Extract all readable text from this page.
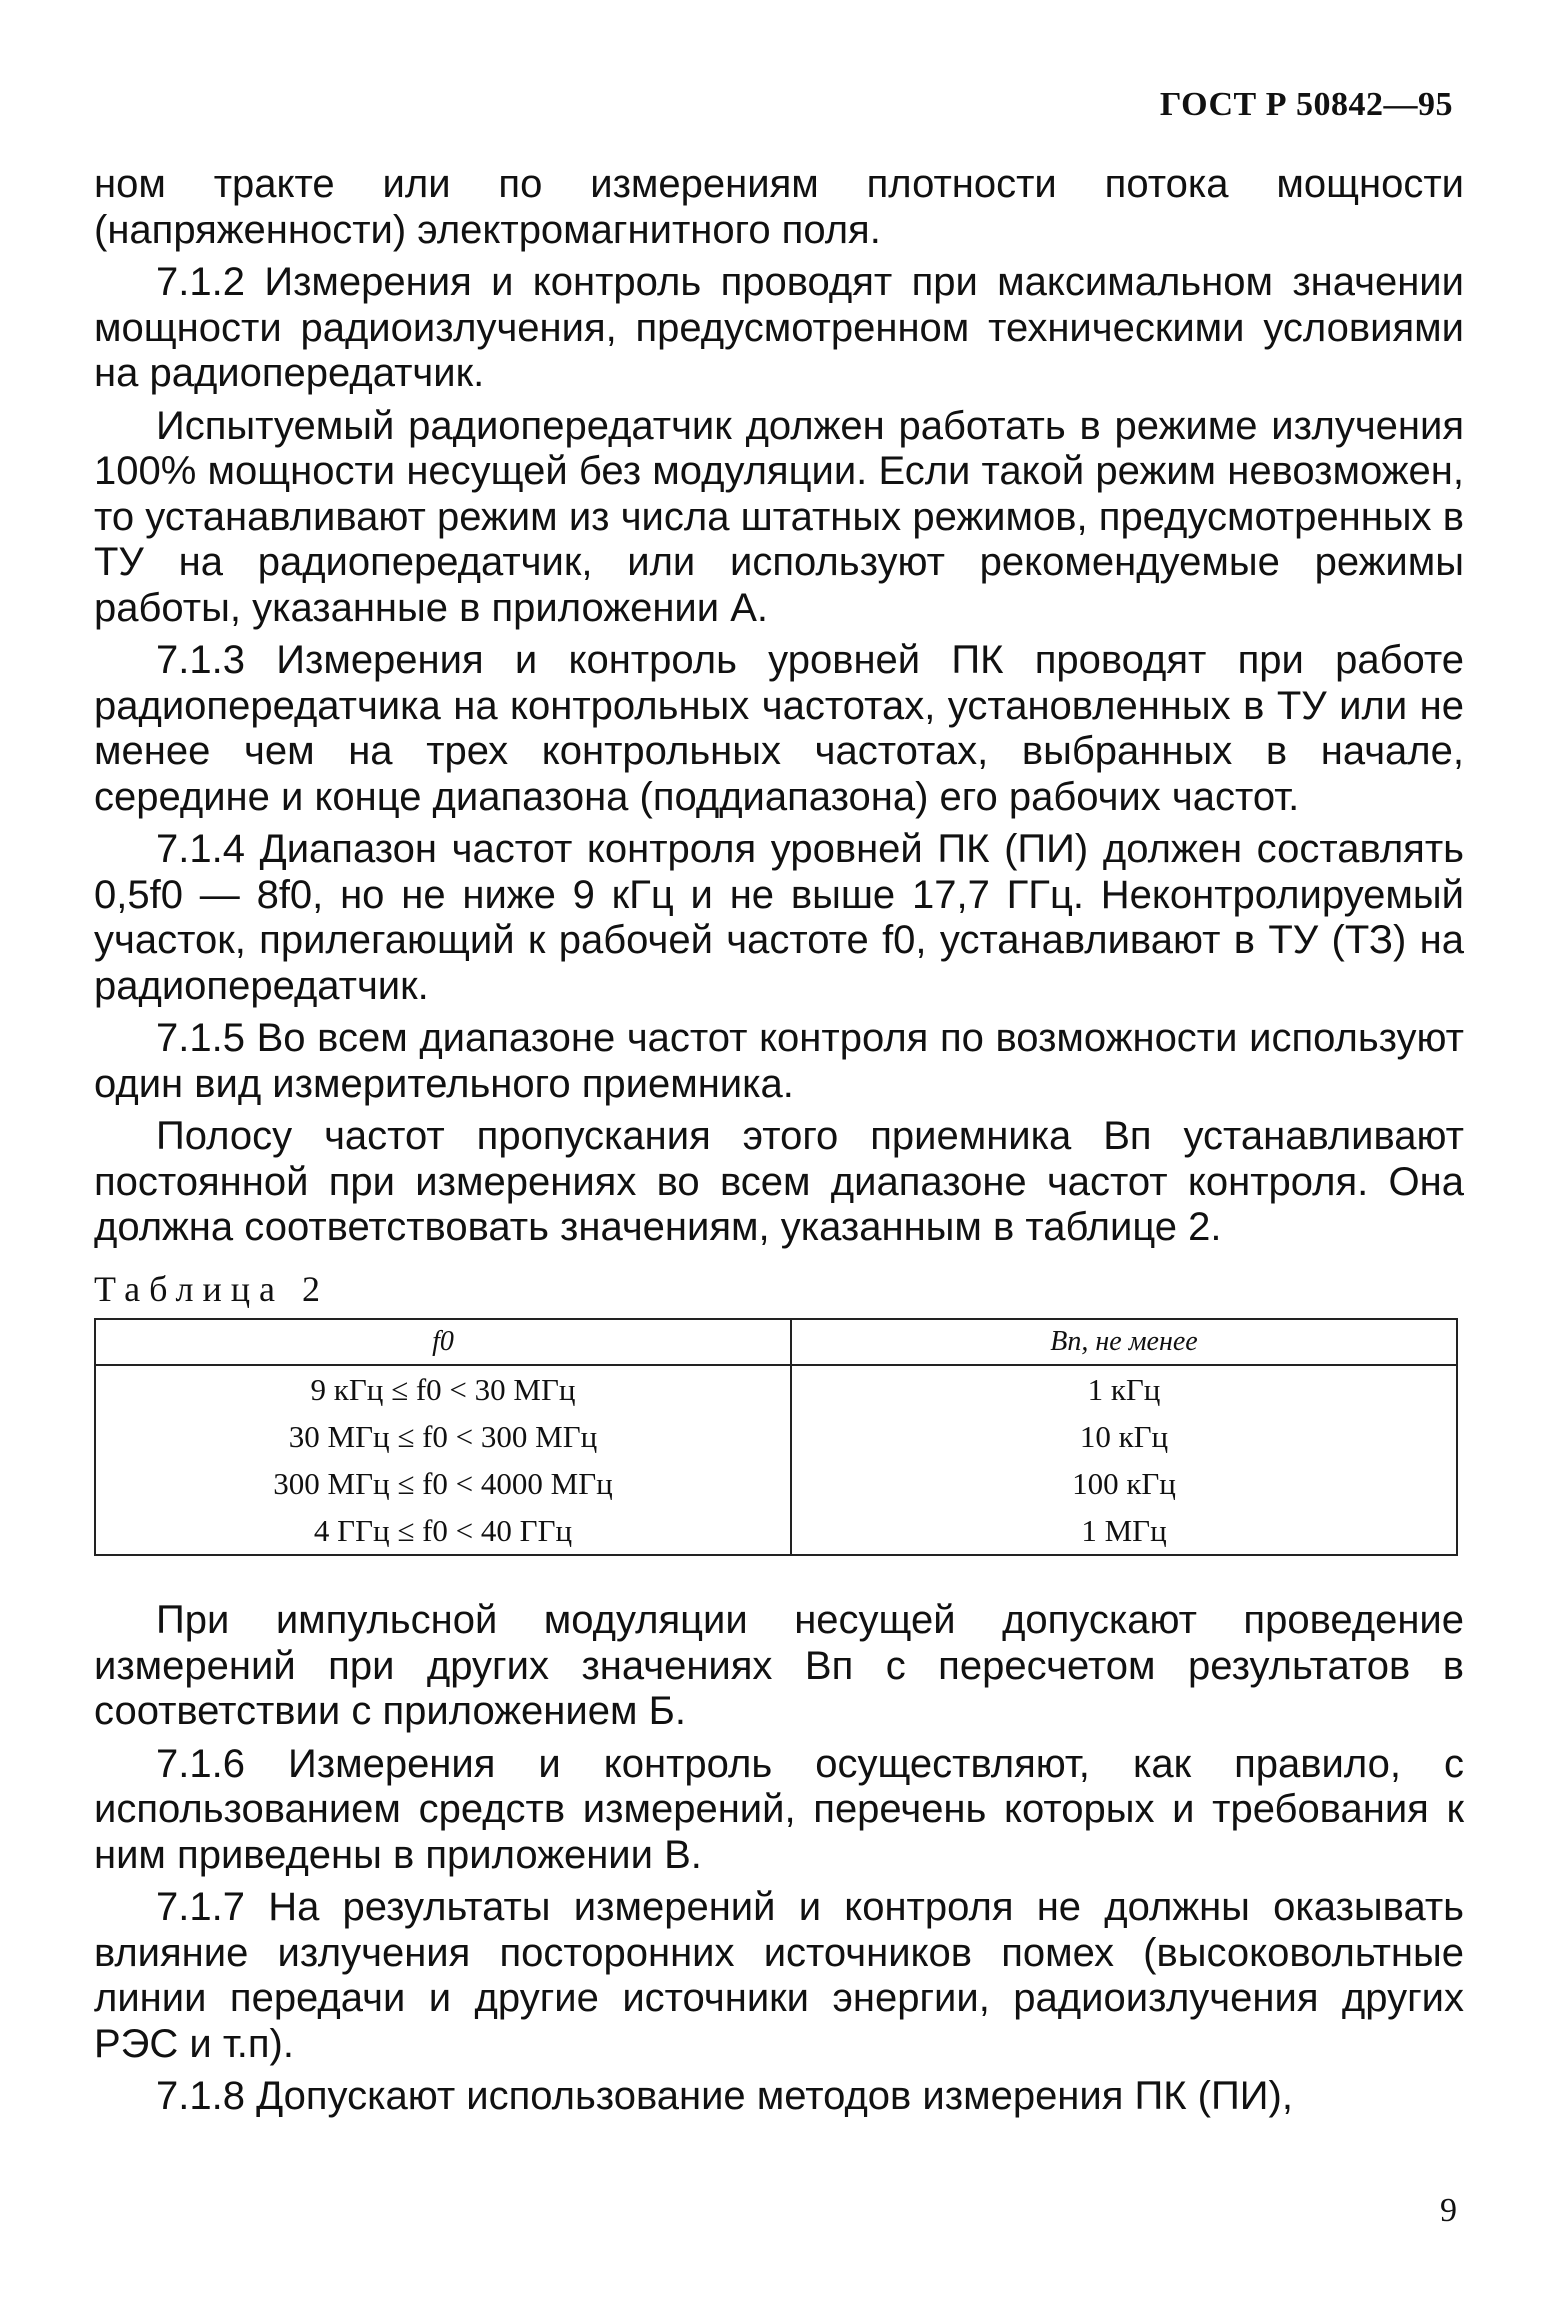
ГОСТ Р 50842—95

ном тракте или по измерениям плотности потока мощности (напряженности) электромагнитного поля.

7.1.2 Измерения и контроль проводят при максимальном значении мощности радиоизлучения, предусмотренном техническими условиями на радиопередатчик.

Испытуемый радиопередатчик должен работать в режиме излучения 100% мощности несущей без модуляции. Если такой режим невозможен, то устанавливают режим из числа штатных режимов, предусмотренных в ТУ на радиопередатчик, или используют рекомендуемые режимы работы, указанные в приложении А.

7.1.3 Измерения и контроль уровней ПК проводят при работе радиопередатчика на контрольных частотах, установленных в ТУ или не менее чем на трех контрольных частотах, выбранных в начале, середине и конце диапазона (поддиапазона) его рабочих частот.

7.1.4 Диапазон частот контроля уровней ПК (ПИ) должен составлять 0,5f0 — 8f0, но не ниже 9 кГц и не выше 17,7 ГГц. Неконтролируемый участок, прилегающий к рабочей частоте f0, устанавливают в ТУ (ТЗ) на радиопередатчик.

7.1.5 Во всем диапазоне частот контроля по возможности используют один вид измерительного приемника.

Полосу частот пропускания этого приемника Bп устанавливают постоянной при измерениях во всем диапазоне частот контроля. Она должна соответствовать значениям, указанным в таблице 2.

Таблица 2
f0	Bп, не менее
9 кГц ≤ f0 < 30 МГц	1 кГц
30 МГц ≤ f0 < 300 МГц	10 кГц
300 МГц ≤ f0 < 4000 МГц	100 кГц
4 ГГц ≤ f0 < 40 ГГц	1 МГц

При импульсной модуляции несущей допускают проведение измерений при других значениях Bп с пересчетом результатов в соответствии с приложением Б.

7.1.6 Измерения и контроль осуществляют, как правило, с использованием средств измерений, перечень которых и требования к ним приведены в приложении В.

7.1.7 На результаты измерений и контроля не должны оказывать влияние излучения посторонних источников помех (высоковольтные линии передачи и другие источники энергии, радиоизлучения других РЭС и т.п).

7.1.8 Допускают использование методов измерения ПК (ПИ),

9
